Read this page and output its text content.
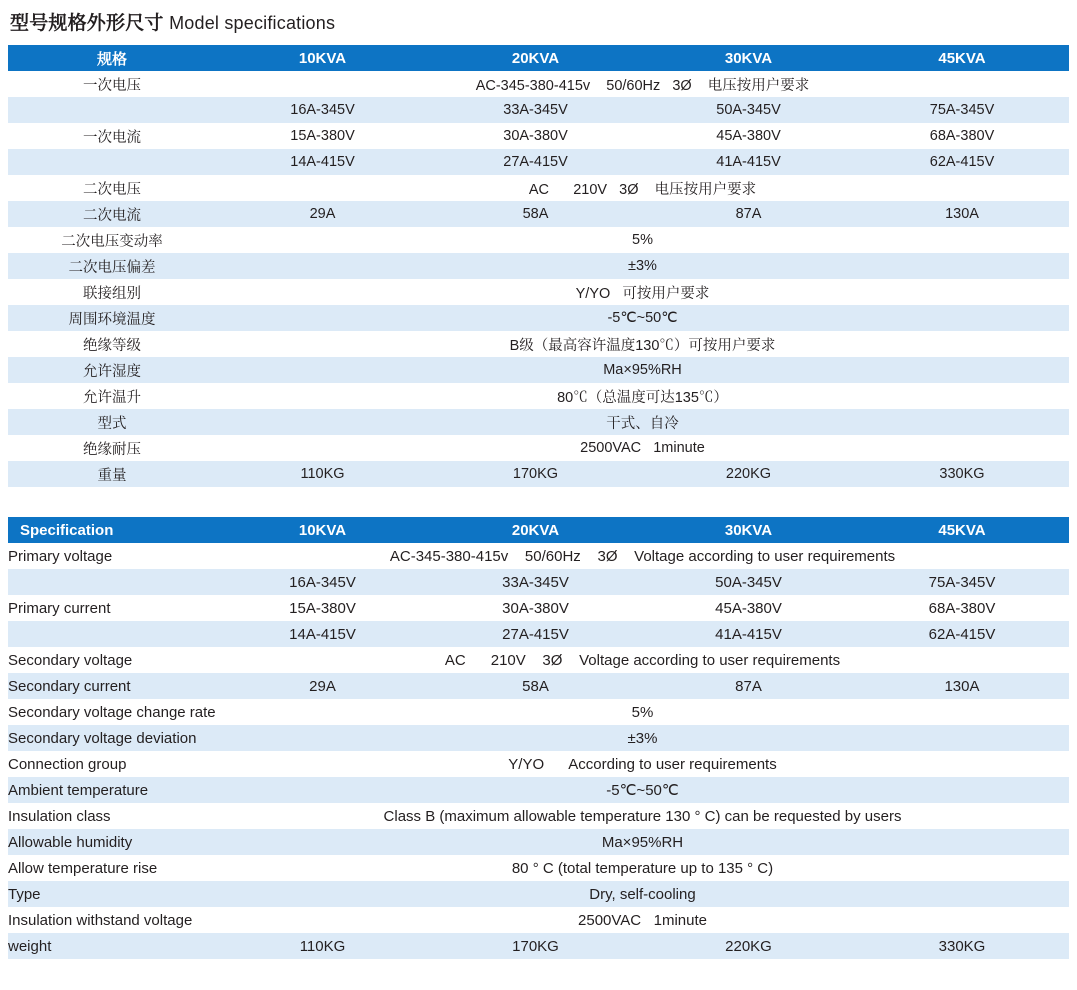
型号规格外形尺寸 Model specifications
规格	10KVA	20KVA	30KVA	45KVA
一次电压	AC-345-380-415v    50/60Hz   3Ø    电压按用户要求			
	16A-345V	33A-345V	50A-345V	75A-345V
一次电流	15A-380V	30A-380V	45A-380V	68A-380V
	14A-415V	27A-415V	41A-415V	62A-415V
二次电压	AC      210V   3Ø    电压按用户要求			
二次电流	29A	58A	87A	130A
二次电压变动率	5%			
二次电压偏差	±3%			
联接组别	Y/YO   可按用户要求			
周围环境温度	-5℃~50℃			
绝缘等级	B级（最高容许温度130℃）可按用户要求			
允许湿度	Ma×95%RH			
允许温升	80℃（总温度可达135℃）			
型式	干式、自冷			
绝缘耐压	2500VAC   1minute			
重量	110KG	170KG	220KG	330KG
Specification	10KVA	20KVA	30KVA	45KVA
Primary voltage	AC-345-380-415v    50/60Hz    3Ø    Voltage according to user requirements			
	16A-345V	33A-345V	50A-345V	75A-345V
Primary current	15A-380V	30A-380V	45A-380V	68A-380V
	14A-415V	27A-415V	41A-415V	62A-415V
Secondary voltage	AC      210V    3Ø    Voltage according to user requirements			
Secondary current	29A	58A	87A	130A
Secondary voltage change rate	5%			
Secondary voltage deviation	±3%			
Connection group	Y/YO      According to user requirements			
Ambient temperature	-5℃~50℃			
Insulation class	Class B (maximum allowable temperature 130 ° C) can be requested by users			
Allowable humidity	Ma×95%RH			
Allow temperature rise	80 ° C (total temperature up to 135 ° C)			
Type	Dry, self-cooling			
Insulation withstand voltage	2500VAC   1minute			
weight	110KG	170KG	220KG	330KG
